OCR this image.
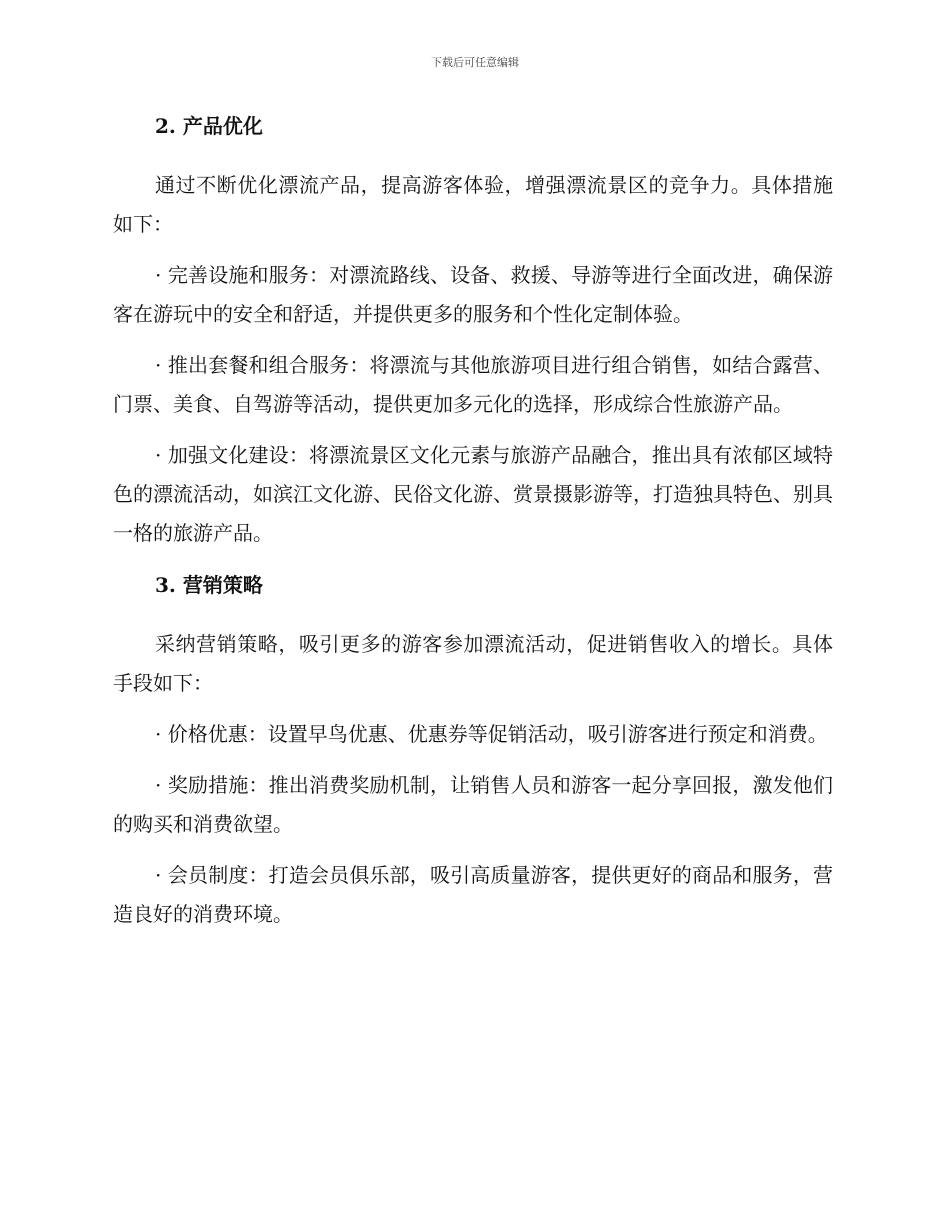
下载后可任意编辑
2. 产品优化

通过不断优化漂流产品，提高游客体验，增强漂流景区的竞争力。具体措施如下：

· 完善设施和服务：对漂流路线、设备、救援、导游等进行全面改进，确保游客在游玩中的安全和舒适，并提供更多的服务和个性化定制体验。

· 推出套餐和组合服务：将漂流与其他旅游项目进行组合销售，如结合露营、门票、美食、自驾游等活动，提供更加多元化的选择，形成综合性旅游产品。

· 加强文化建设：将漂流景区文化元素与旅游产品融合，推出具有浓郁区域特色的漂流活动，如滨江文化游、民俗文化游、赏景摄影游等，打造独具特色、别具一格的旅游产品。

3. 营销策略

采纳营销策略，吸引更多的游客参加漂流活动，促进销售收入的增长。具体手段如下：

· 价格优惠：设置早鸟优惠、优惠券等促销活动，吸引游客进行预定和消费。

· 奖励措施：推出消费奖励机制，让销售人员和游客一起分享回报，激发他们的购买和消费欲望。

· 会员制度：打造会员俱乐部，吸引高质量游客，提供更好的商品和服务，营造良好的消费环境。
